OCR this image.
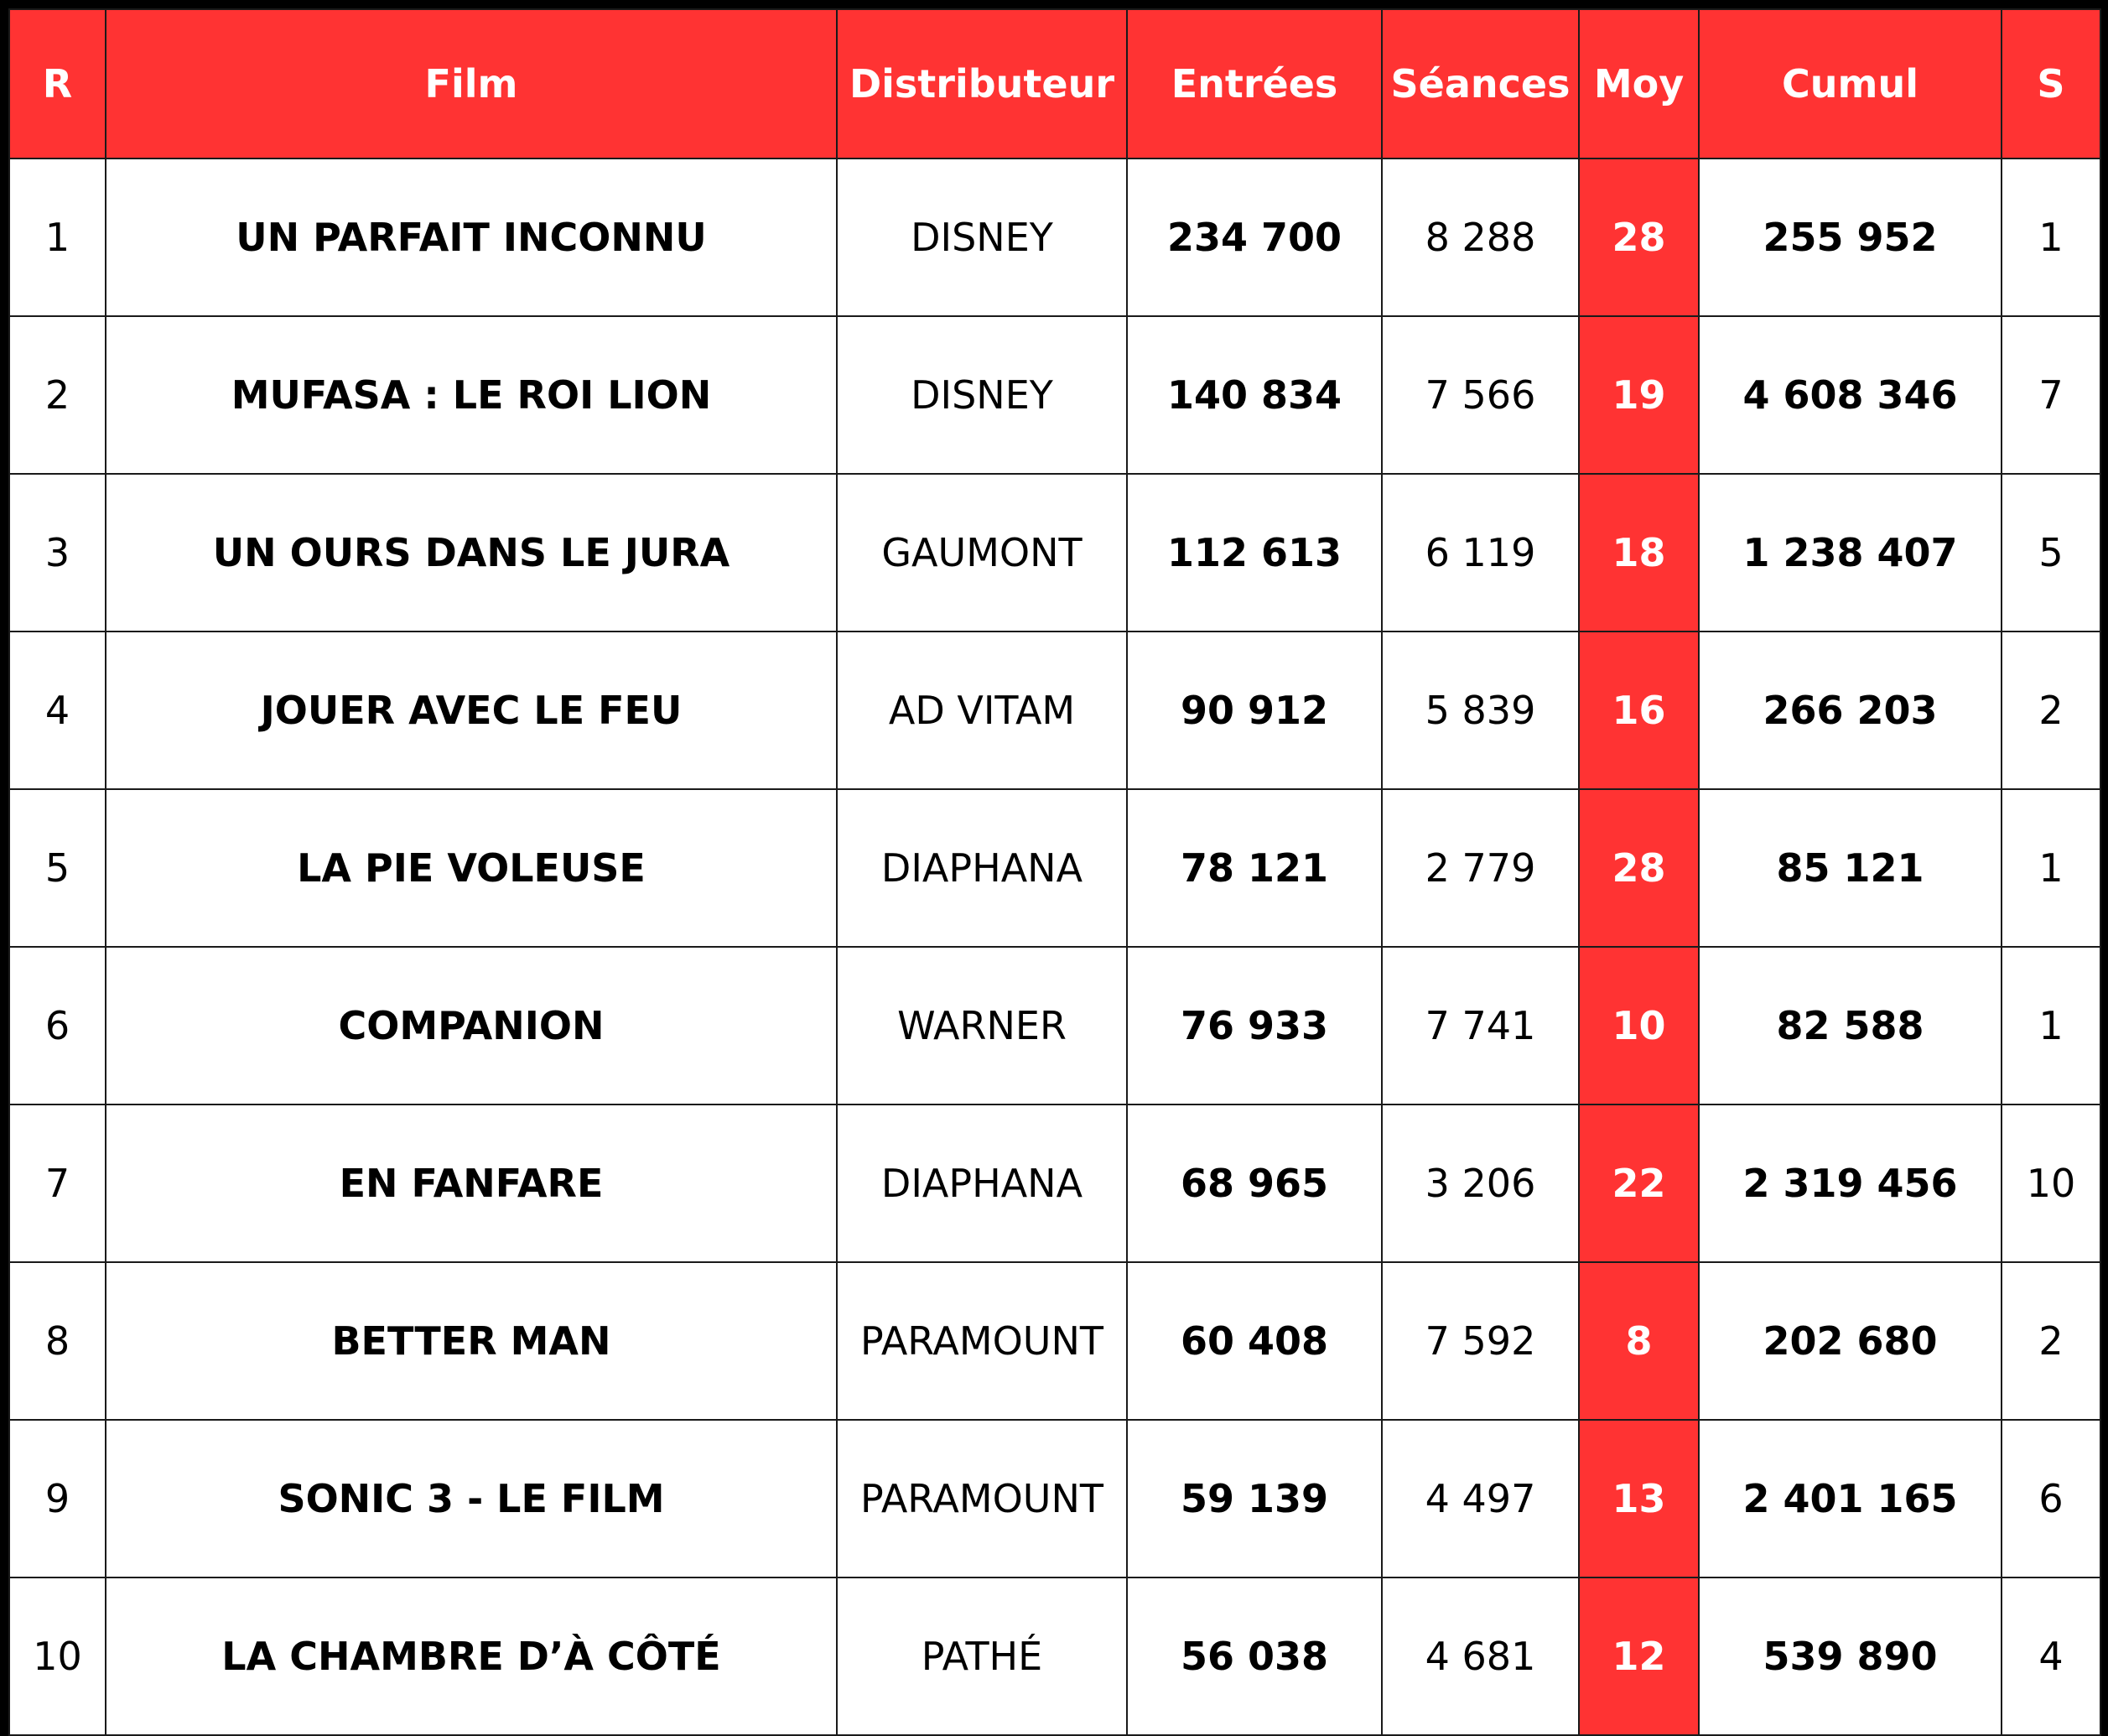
R	Film	Distributeur	Entrées	Séances	Moy	Cumul	S
1	UN PARFAIT INCONNU	DISNEY	234 700	8 288	28	255 952	1
2	MUFASA : LE ROI LION	DISNEY	140 834	7 566	19	4 608 346	7
3	UN OURS DANS LE JURA	GAUMONT	112 613	6 119	18	1 238 407	5
4	JOUER AVEC LE FEU	AD VITAM	90 912	5 839	16	266 203	2
5	LA PIE VOLEUSE	DIAPHANA	78 121	2 779	28	85 121	1
6	COMPANION	WARNER	76 933	7 741	10	82 588	1
7	EN FANFARE	DIAPHANA	68 965	3 206	22	2 319 456	10
8	BETTER MAN	PARAMOUNT	60 408	7 592	8	202 680	2
9	SONIC 3 - LE FILM	PARAMOUNT	59 139	4 497	13	2 401 165	6
10	LA CHAMBRE D’À CÔTÉ	PATHÉ	56 038	4 681	12	539 890	4
